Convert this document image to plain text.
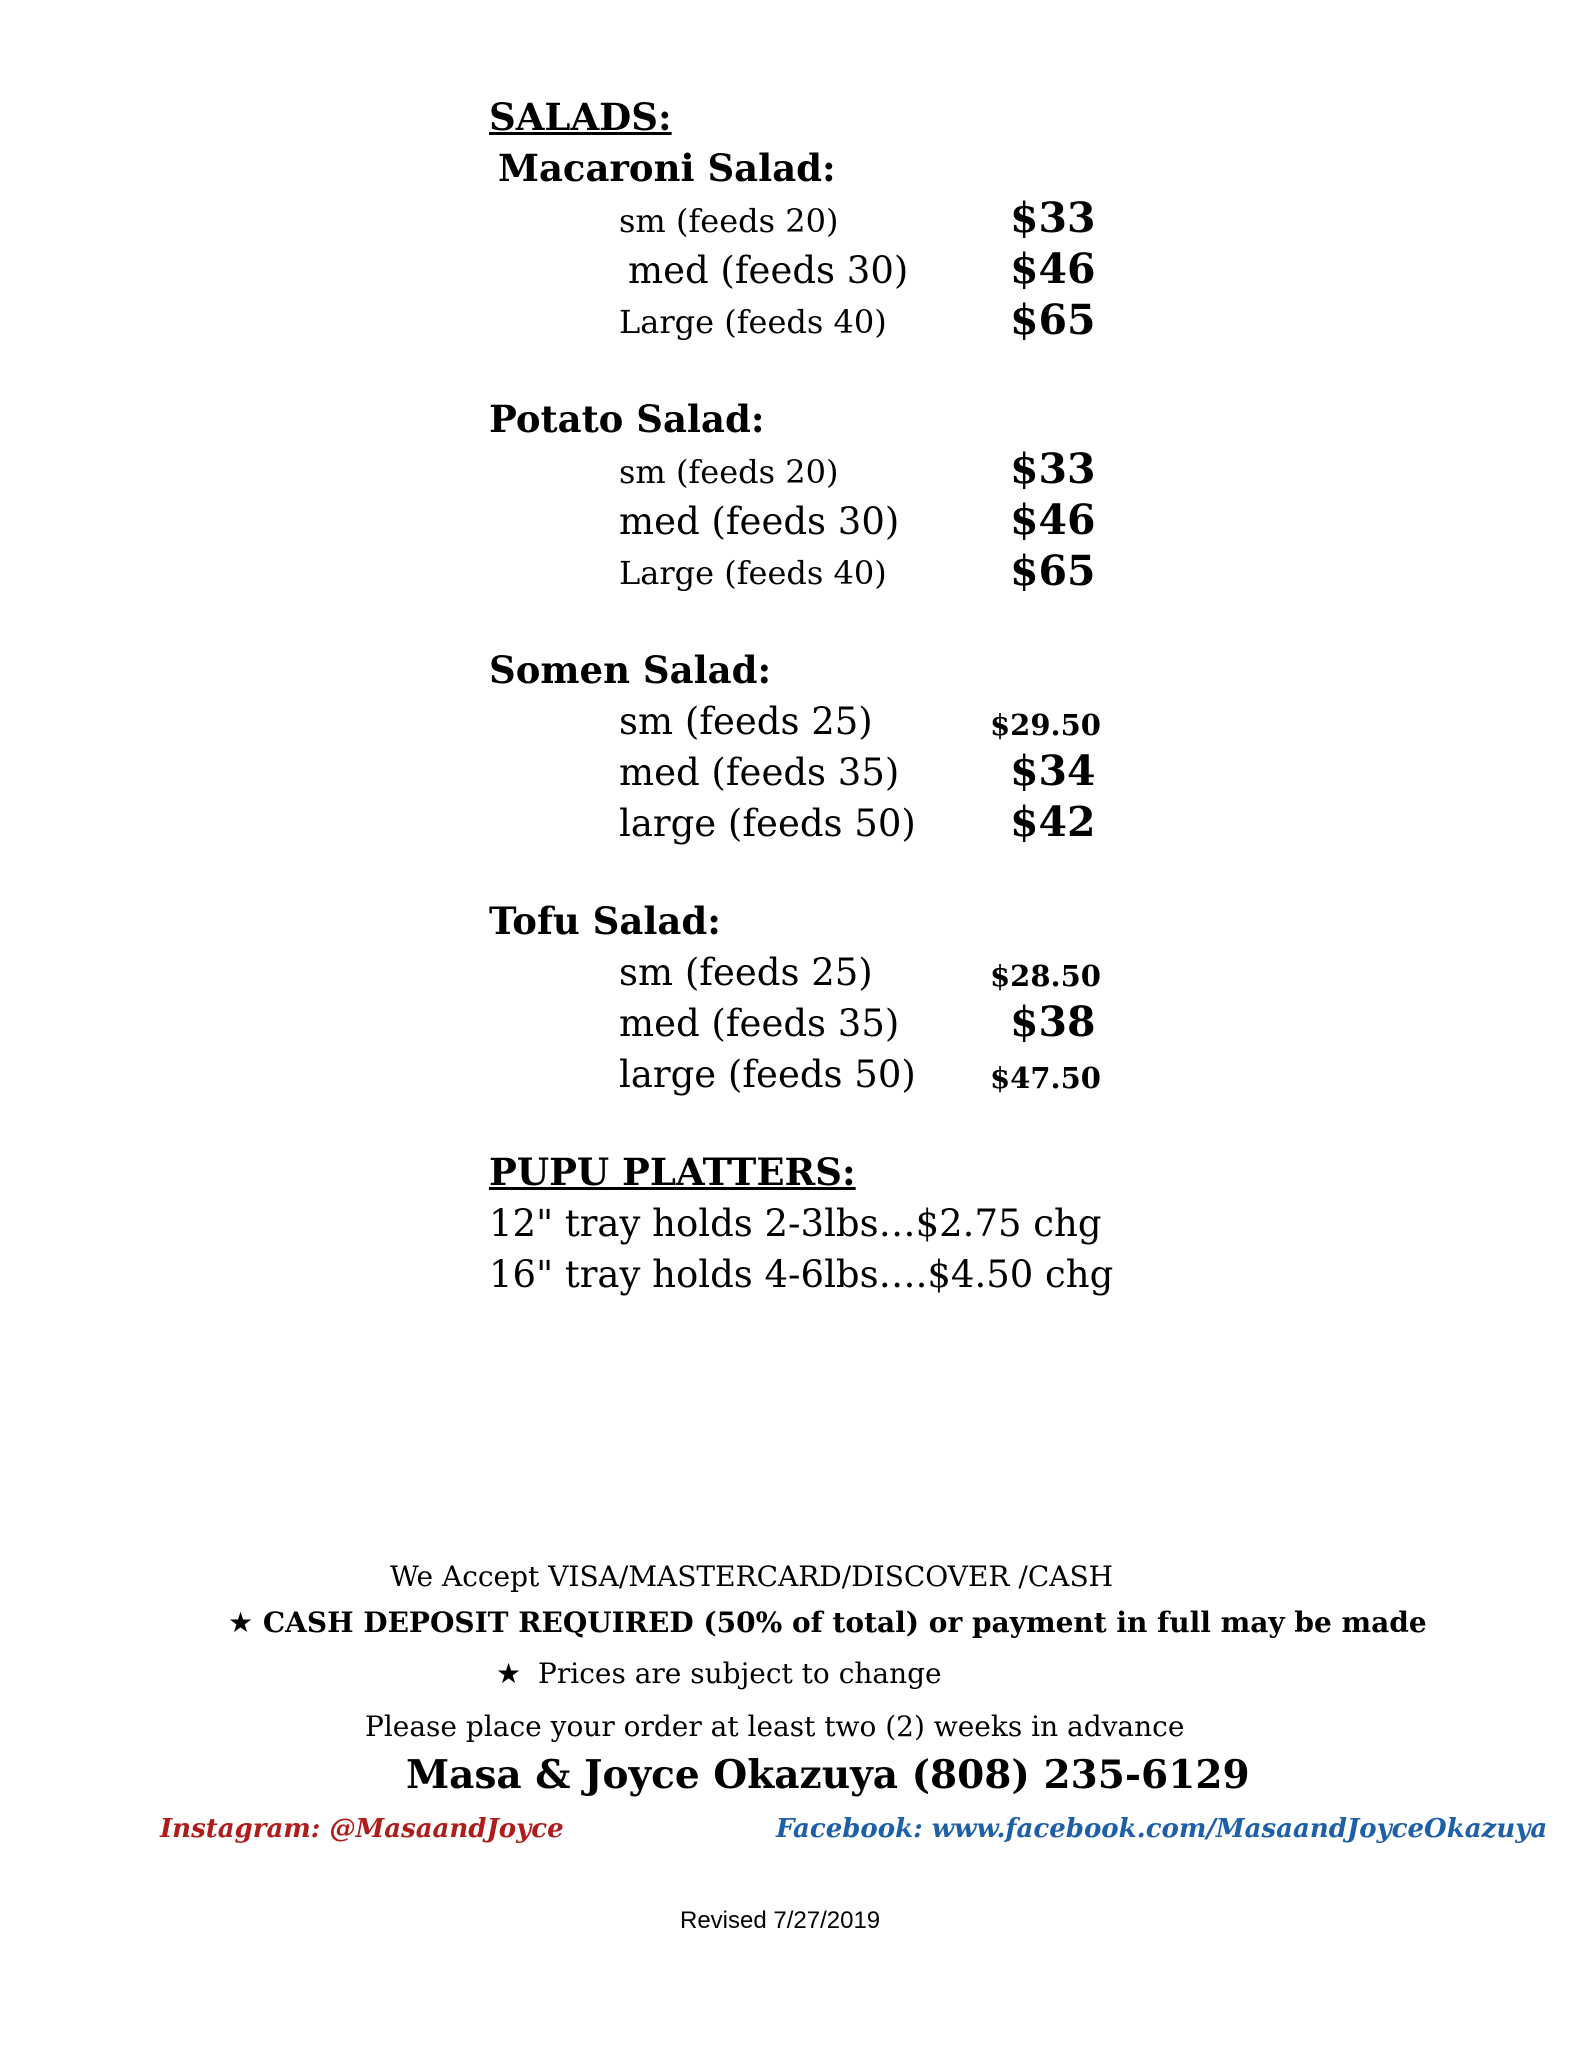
SALADS:
Macaroni Salad:
sm (feeds 20)	$33
med (feeds 30) $46
Large (feeds 40)	$65
Potato Salad:
sm (feeds 20)	$33
med (feeds 30)	$46
Large (feeds 40)	$65
Somen Salad:
sm (feeds 25)	$29.50
med (feeds 35)	$34
large (feeds 50) $42
Tofu Salad:
sm (feeds 25)	$28.50
med (feeds 35)	$38
large (feeds 50)	$47.50
PUPU PLATTERS:
12" tray holds 2-3lbs…$2.75 chg
16" tray holds 4-6lbs….$4.50 chg
We Accept VISA/MASTERCARD/DISCOVER /CASH
★ CASH DEPOSIT REQUIRED (50% of total) or payment in full may be made
★ Prices are subject to change
Please place your order at least two (2) weeks in advance
Masa & Joyce Okazuya (808) 235-6129
Instagram: @MasaandJoyce	Facebook: www.facebook.com/MasaandJoyceOkazuya
Revised 7/27/2019
